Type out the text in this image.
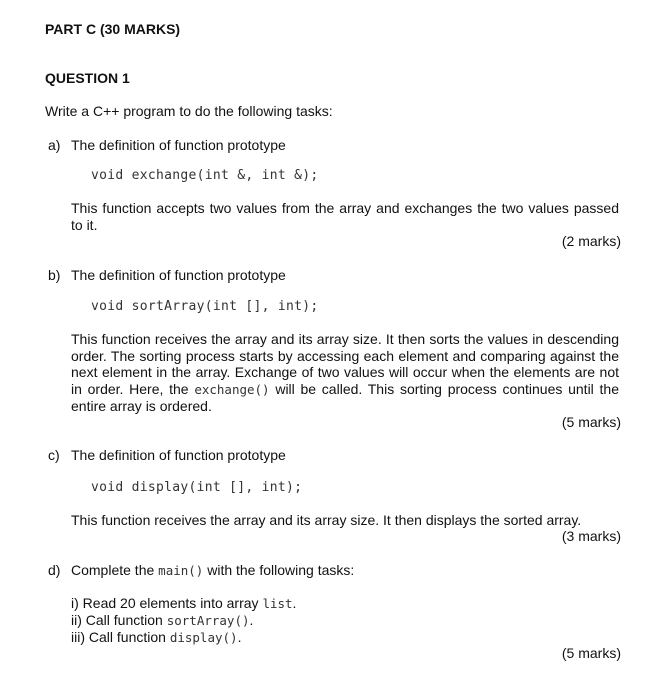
PART C (30 MARKS)
QUESTION 1
Write a C++ program to do the following tasks:
a) The definition of function prototype
void exchange(int &, int &);
This function accepts two values from the array and exchanges the two values passed to it.
(2 marks)
b) The definition of function prototype
void sortArray(int [], int);
This function receives the array and its array size. It then sorts the values in descending order. The sorting process starts by accessing each element and comparing against the next element in the array. Exchange of two values will occur when the elements are not in order. Here, the exchange() will be called. This sorting process continues until the entire array is ordered.
(5 marks)
c) The definition of function prototype
void display(int [], int);
This function receives the array and its array size. It then displays the sorted array.
(3 marks)
d) Complete the main() with the following tasks:
i) Read 20 elements into array list.
ii) Call function sortArray().
iii) Call function display().
(5 marks)
